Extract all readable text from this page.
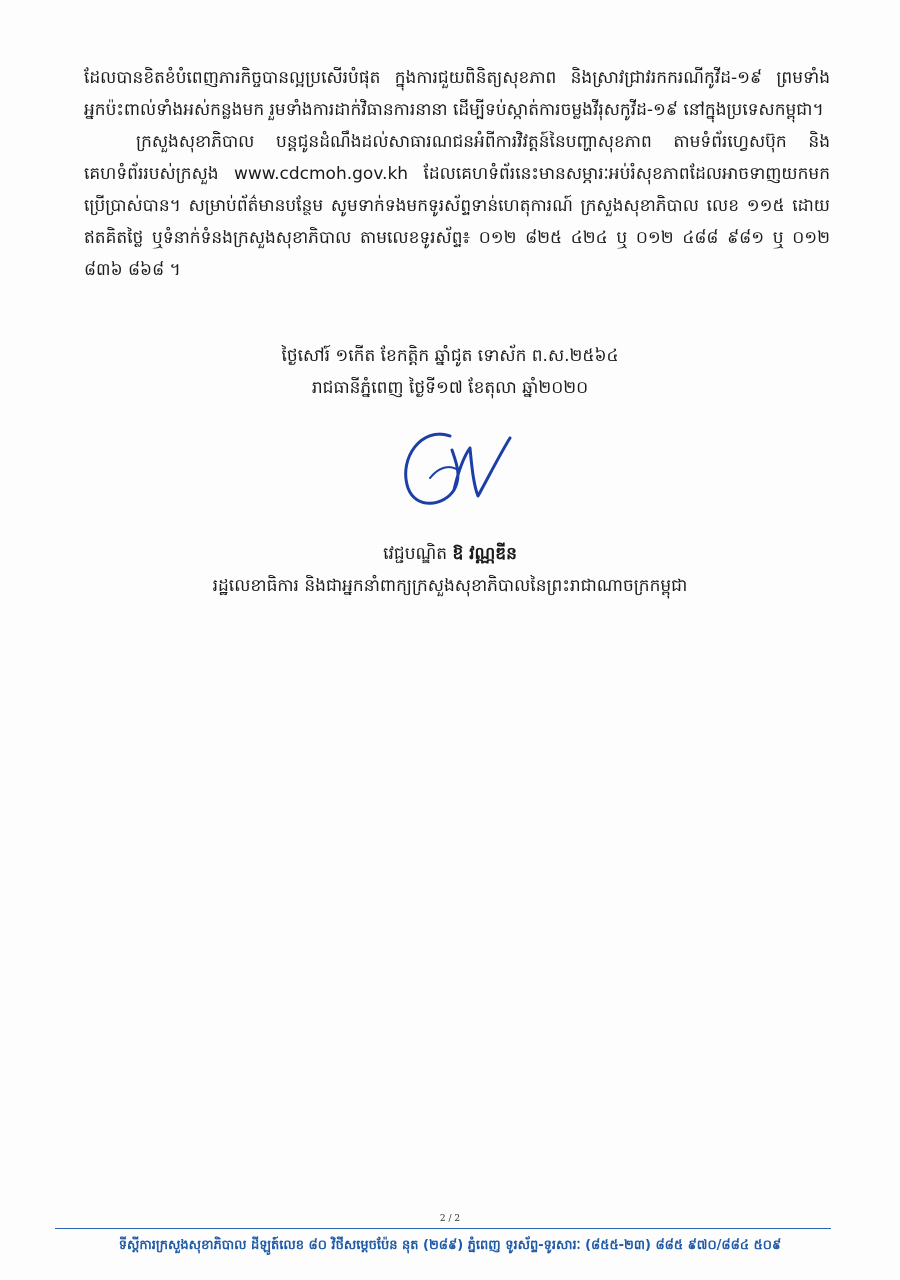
ដែលបានខិតខំបំពេញភារកិច្ចបានល្អប្រសើរបំផុត ក្នុងការជួយពិនិត្យសុខភាព និងស្រាវជ្រាវរកករណីកូវីដ-១៩ ព្រមទាំងអ្នកប៉ះពាល់ទាំងអស់កន្លងមក រួមទាំងការដាក់វិធានការនានា ដើម្បីទប់ស្កាត់ការចម្លងវីរុសកូវីដ-១៩ នៅក្នុងប្រទេសកម្ពុជា។

ក្រសួងសុខាភិបាល បន្តជូនដំណឹងដល់សាធារណជនអំពីការវិវត្តន៍នៃបញ្ហាសុខភាព តាមទំព័រហ្វេសប៊ុក និងគេហទំព័ររបស់ក្រសួង www.cdcmoh.gov.kh ដែលគេហទំព័រនេះមានសម្ភារៈអប់រំសុខភាពដែលអាចទាញយកមកប្រើប្រាស់បាន។ សម្រាប់ព័ត៌មានបន្ថែម សូមទាក់ទងមកទូរស័ព្ទទាន់ហេតុការណ៍ ក្រសួងសុខាភិបាល លេខ ១១៥ ដោយឥតគិតថ្លៃ ឬទំនាក់ទំនងក្រសួងសុខាភិបាល តាមលេខទូរស័ព្ទ៖ ០១២ ៨២៥ ៤២៤ ឬ ០១២ ៤៨៨ ៩៨១ ឬ ០១២ ៨៣៦ ៨៦៨ ។

ថ្ងៃសៅរ៍ ១កើត ខែកត្តិក ឆ្នាំជូត ទោស័ក ព.ស.២៥៦៤
រាជធានីភ្នំពេញ ថ្ងៃទី១៧ ខែតុលា ឆ្នាំ២០២០
វេជ្ជបណ្ឌិត ឱ វណ្ណឌីន
រដ្ឋលេខាធិការ និងជាអ្នកនាំពាក្យក្រសួងសុខាភិបាលនៃព្រះរាជាណាចក្រកម្ពុជា
2 / 2
ទីស្តីការក្រសួងសុខាភិបាល ដីឡូត៍លេខ ៨០ វិថីសម្តេចប៉ែន នុត (២៨៩) ភ្នំពេញ ទូរស័ព្ទ-ទូរសារៈ (៨៥៥-២៣) ៨៨៥ ៩៧០/៨៨៤ ៥០៩
